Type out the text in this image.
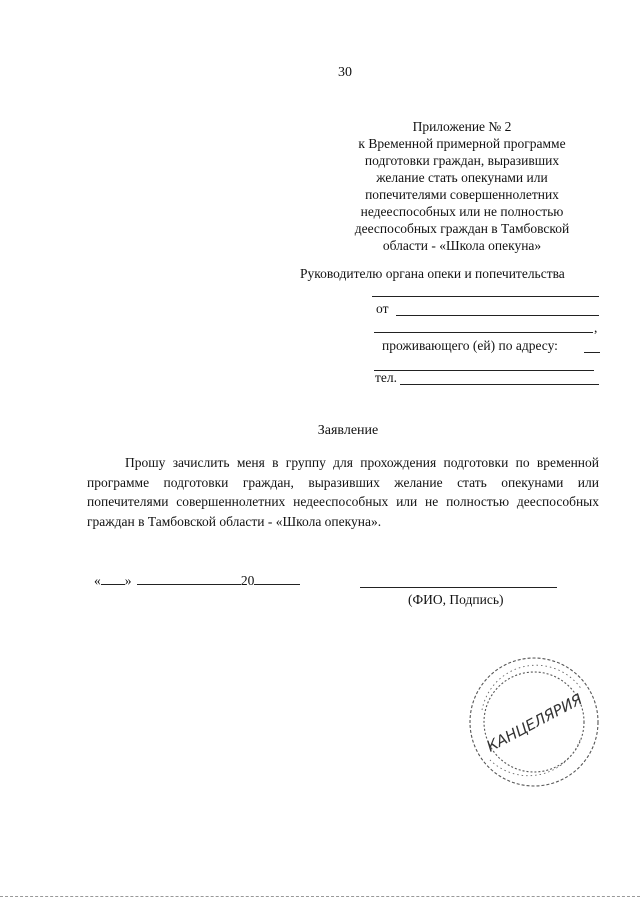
30
Приложение № 2
к Временной примерной программе
подготовки граждан, выразивших
желание стать опекунами или
попечителями совершеннолетних
недееспособных или не полностью
дееспособных граждан в Тамбовской
области - «Школа опекуна»
Руководителю органа опеки и попечительства
от
,
проживающего (ей) по адресу:
тел.
Заявление
Прошу зачислить меня в группу для прохождения подготовки по временной программе подготовки граждан, выразивших желание стать опекунами или попечителями совершеннолетних недееспособных или не полностью дееспособных граждан в Тамбовской области - «Школа опекуна».
« »	20
(ФИО, Подпись)
КАНЦЕЛЯРИЯ
